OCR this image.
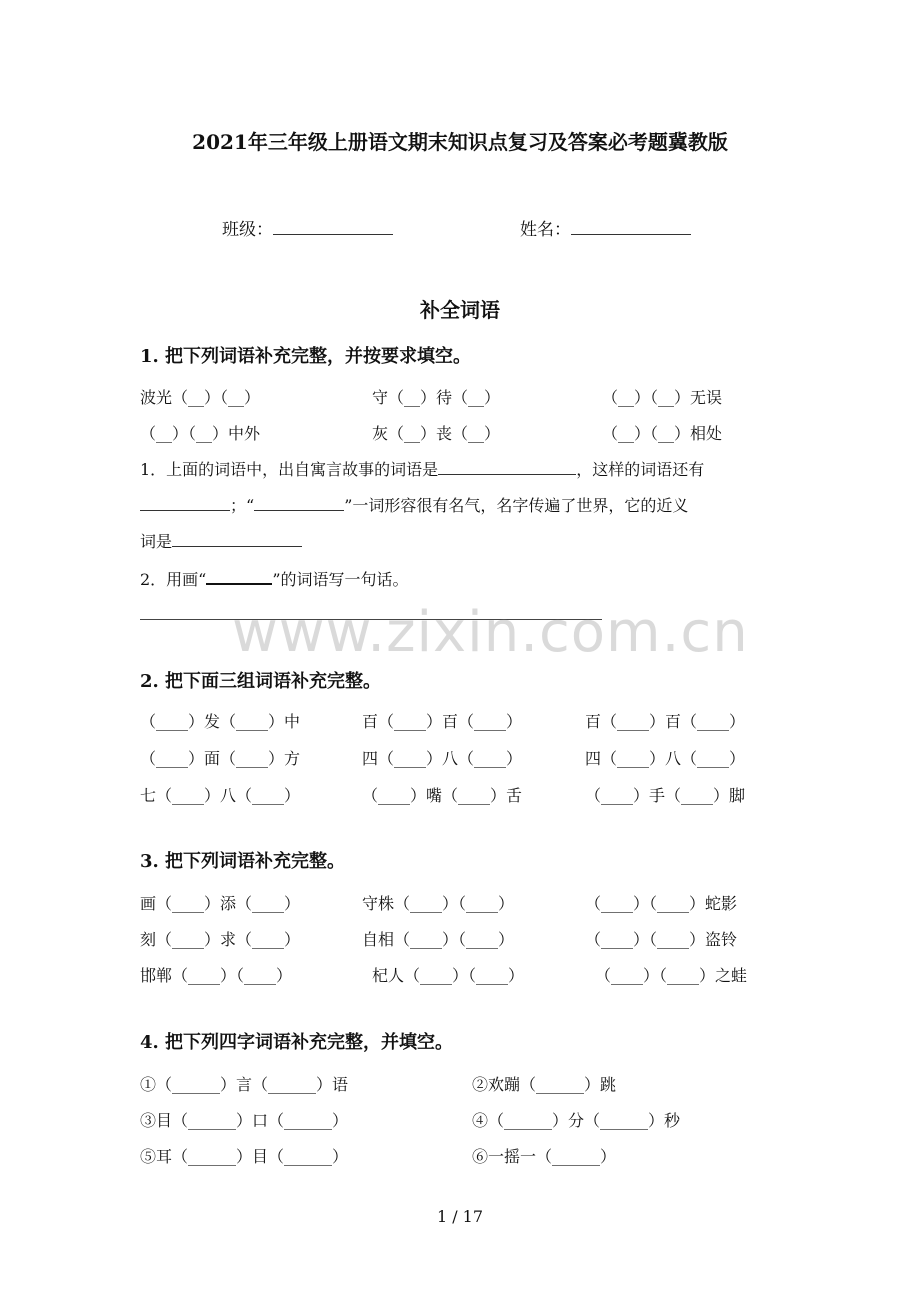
2021年三年级上册语文期末知识点复习及答案必考题冀教版
班级：	姓名：
补全词语
1. 把下列词语补充完整，并按要求填空。
波光（__）（__）	守（__）待（__）	（__）（__）无误
（__）（__）中外	灰（__）丧（__）	（__）（__）相处
1．上面的词语中，出自寓言故事的词语是	，这样的词语还有
；“	”一词形容很有名气，名字传遍了世界，它的近义
词是
2．用画“	”的词语写一句话。
www.zixin.com.cn
2. 把下面三组词语补充完整。
（____）发（____）中	百（____）百（____）	百（____）百（____）
（____）面（____）方	四（____）八（____）	四（____）八（____）
七（____）八（____）	（____）嘴（____）舌	（____）手（____）脚
3. 把下列词语补充完整。
画（____）添（____）	守株（____）（____）	（____）（____）蛇影
刻（____）求（____）	自相（____）（____）	（____）（____）盗铃
邯郸（____）（____）	杞人（____）（____）	（____）（____）之蛙
4. 把下列四字词语补充完整，并填空。
①（______）言（______）语	②欢蹦（______）跳
③目（______）口（______）	④（______）分（______）秒
⑤耳（______）目（______）	⑥一摇一（______）
1 / 17
